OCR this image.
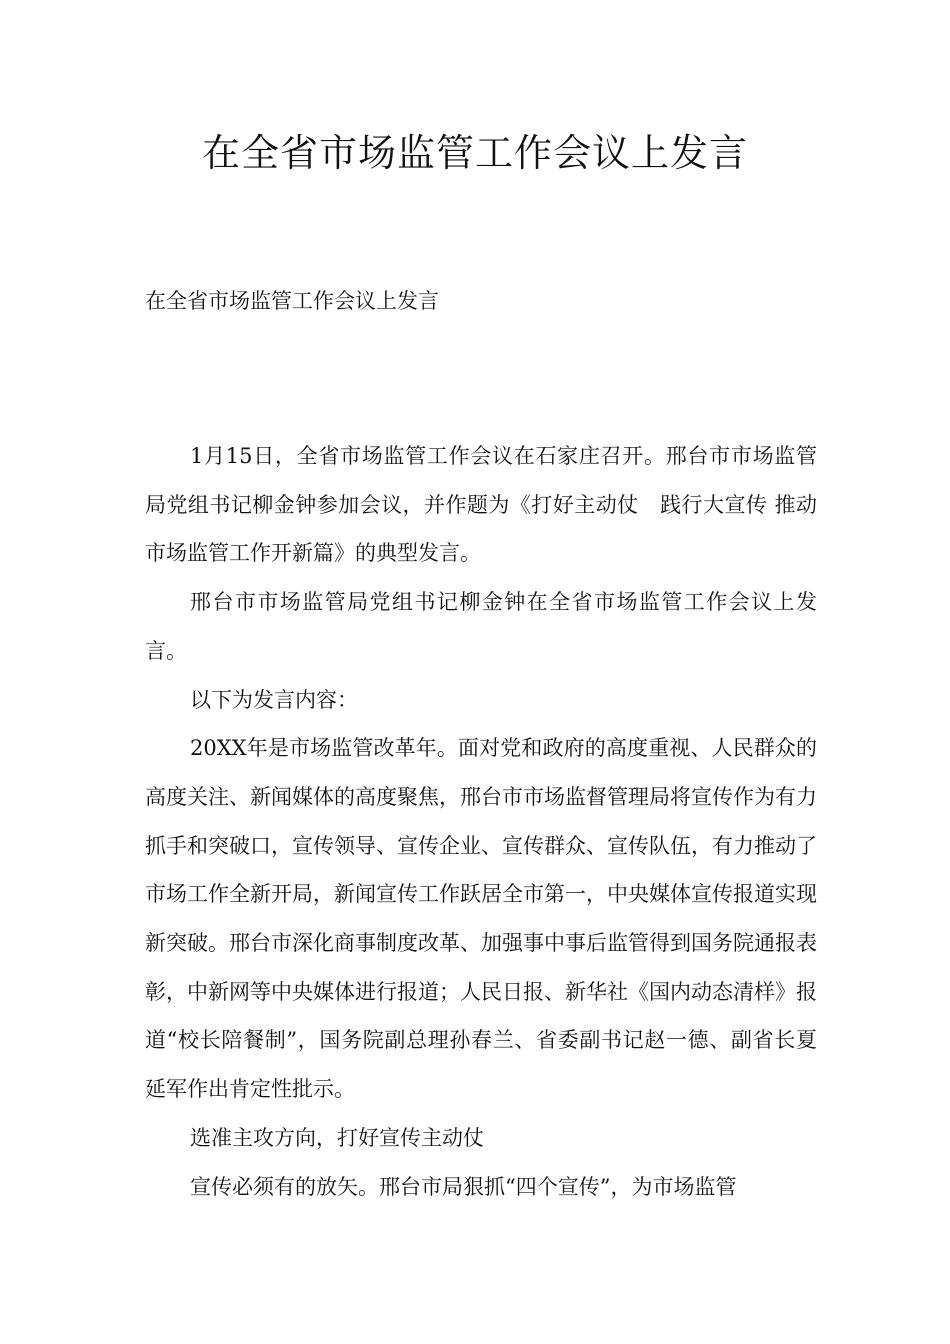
在全省市场监管工作会议上发言
在全省市场监管工作会议上发言

1月15日，全省市场监管工作会议在石家庄召开。邢台市市场监管局党组书记柳金钟参加会议，并作题为《打好主动仗　践行大宣传 推动市场监管工作开新篇》的典型发言。

邢台市市场监管局党组书记柳金钟在全省市场监管工作会议上发言。

以下为发言内容：

20XX年是市场监管改革年。面对党和政府的高度重视、人民群众的高度关注、新闻媒体的高度聚焦，邢台市市场监督管理局将宣传作为有力抓手和突破口，宣传领导、宣传企业、宣传群众、宣传队伍，有力推动了市场工作全新开局，新闻宣传工作跃居全市第一，中央媒体宣传报道实现新突破。邢台市深化商事制度改革、加强事中事后监管得到国务院通报表彰，中新网等中央媒体进行报道；人民日报、新华社《国内动态清样》报道“校长陪餐制”，国务院副总理孙春兰、省委副书记赵一德、副省长夏延军作出肯定性批示。

选准主攻方向，打好宣传主动仗

宣传必须有的放矢。邢台市局狠抓“四个宣传”，为市场监管
